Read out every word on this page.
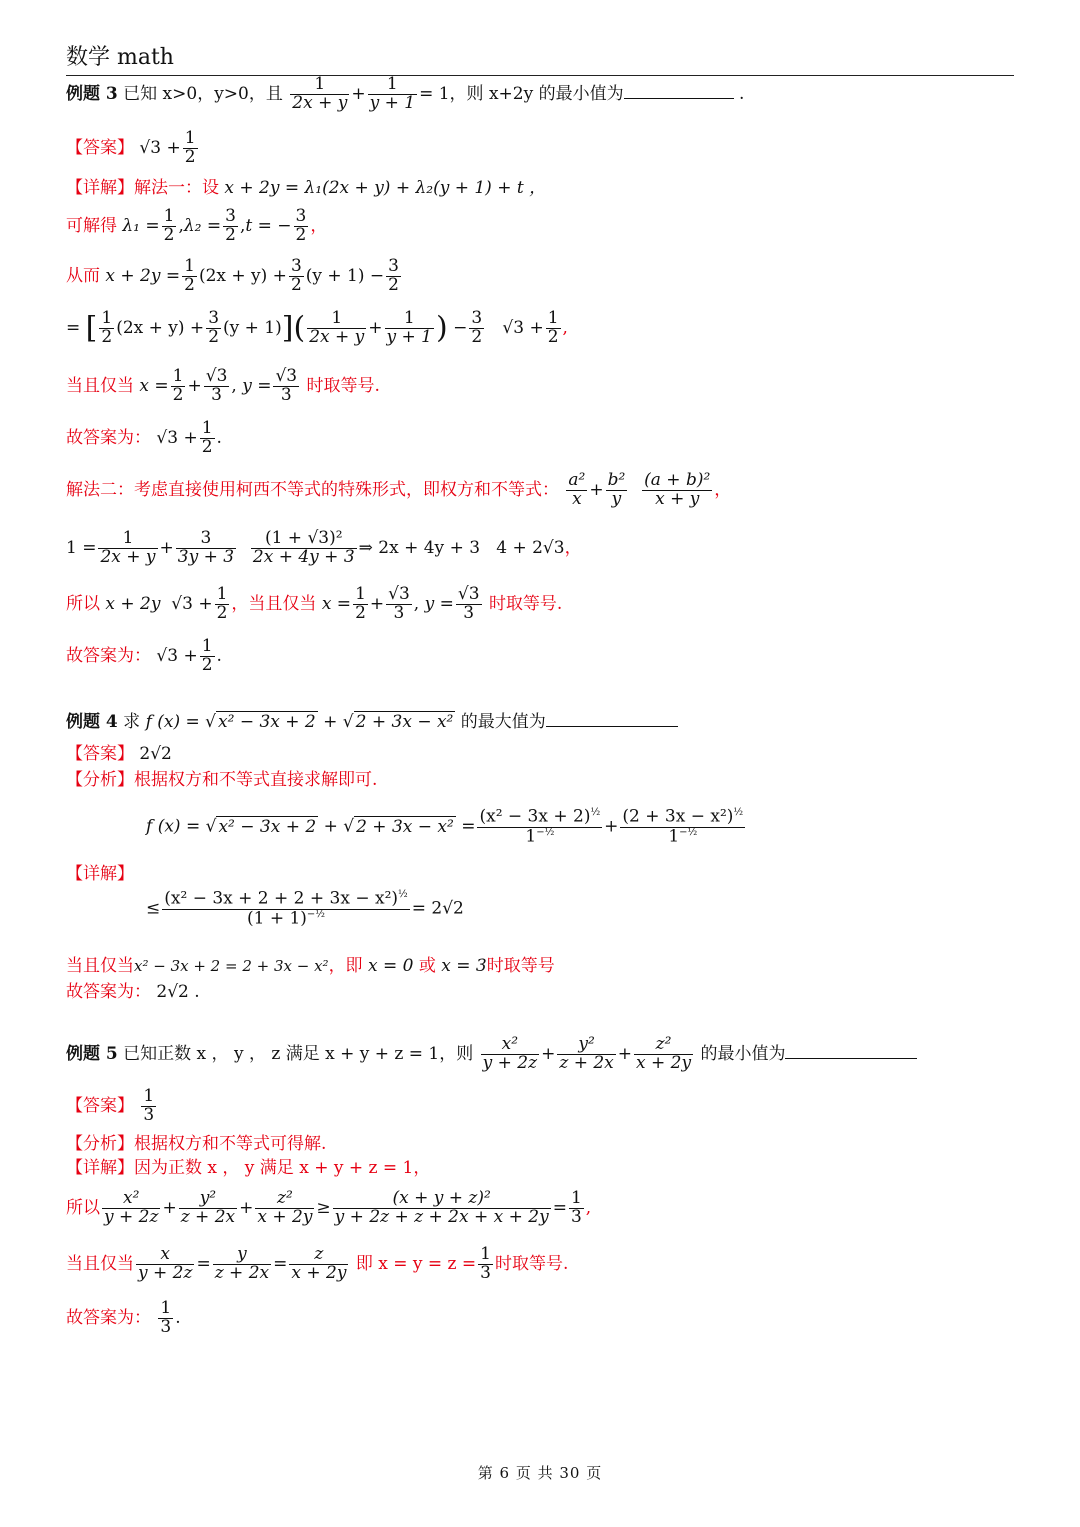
数学 math
例题 3 已知 x>0，y>0，且 $\frac{1}{2x + y} + \frac{1}{y + 1} = 1$，则 x+2y 的最小值为	.
【答案】 $√3 + \frac{1}{2}$
【详解】解法一：设 x + 2y = λ₁(2x + y) + λ₂(y + 1) + t ，
可解得 $\lambda_1 = \frac{1}{2} ,\lambda_2 = \frac{3}{2} ,t$ = − $\frac{3}{2}$ ，
从而 $x + 2y = \frac{1}{2} (2x + y) + \frac{3}{2} (y + 1) - \frac{3}{2}$
= [ $\frac{1}{2} (2x + y) + \frac{3}{2} (y + 1)]( \frac{1}{2x + y} + \frac{1}{y + 1}$ ) − $\frac{3}{2} √3 + \frac{1}{2}$ ,
当且仅当 $x = \frac{1}{2} + \frac{√3}{3}$ , $y = \frac{√3}{3}$ 时取等号.
故答案为： $√3 + \frac{1}{2}$ .
解法二：考虑直接使用柯西不等式的特殊形式，即权方和不等式： $\frac{\text{a²}}{x} + \frac{\text{b²}}{y}$
$\frac{\text{(a + b)²}}{x + y}$ ，
$1 = \frac{1}{2x + y} + \frac{3}{3y + 3}$
$\frac{\text{(1 + √3)²}}{2x + 4y + 3}$ ⇒ 2x + 4y + 3   4 + 2√3，
所以 x + 2y  $√3 + \frac{1}{2}$ ，当且仅当 $x = \frac{1}{2} + \frac{√3}{3}$ , $y = \frac{√3}{3}$ 时取等号.
故答案为： $√3 + \frac{1}{2}$ .
例题 4 求 f (x) = √ x² − 3x + 2 + √ 2 + 3x − x² 的最大值为
【答案】 2√2
【分析】根据权方和不等式直接求解即可.
f (x) = √ x² − 3x + 2 + √ $2 + 3x - x^2 = \frac{(x^2 - 3x + 2)^{\frac{1}{2}}}{1^{-\frac{1}{2}}} + \frac{(2 + 3x - x^2)^{\frac{1}{2}}}{1^{-\frac{1}{2}}}$
【详解】
≤ $\frac{(x^2 - 3x + 2 + 2 + 3x - x^2)^{\frac{1}{2}}}{(1 + 1)^{-\frac{1}{2}}} = 2√2$
当且仅当x² − 3x + 2 = 2 + 3x − x²，即 x = 0 或 x = 3时取等号
故答案为： 2√2 .
例题 5 已知正数 x ， y ， z 满足 x + y + z = 1，则 $\frac{\text{x²}}{y + 2z} + \frac{\text{y²}}{z + 2x} + \frac{\text{z²}}{x + 2y}$ 的最小值为
【答案】 $\frac{1}{3}$
【分析】根据权方和不等式可得解.
【详解】因为正数 x ， y 满足 x + y + z = 1，
所以 $\frac{\text{x²}}{y + 2z} + \frac{\text{y²}}{z + 2x} + \frac{\text{z²}}{x + 2y} \ge \frac{\text{(x + y + z)²}}{y + 2z + z + 2x + x + 2y} = \frac{1}{3}$ ,
当且仅当 $\frac{x}{y + 2z} = \frac{y}{z + 2x} = \frac{z}{x + 2y}$ 即 $x = y = z = \frac{1}{3}$ 时取等号.
故答案为： $\frac{1}{3}$ .
第 6 页 共 30 页
